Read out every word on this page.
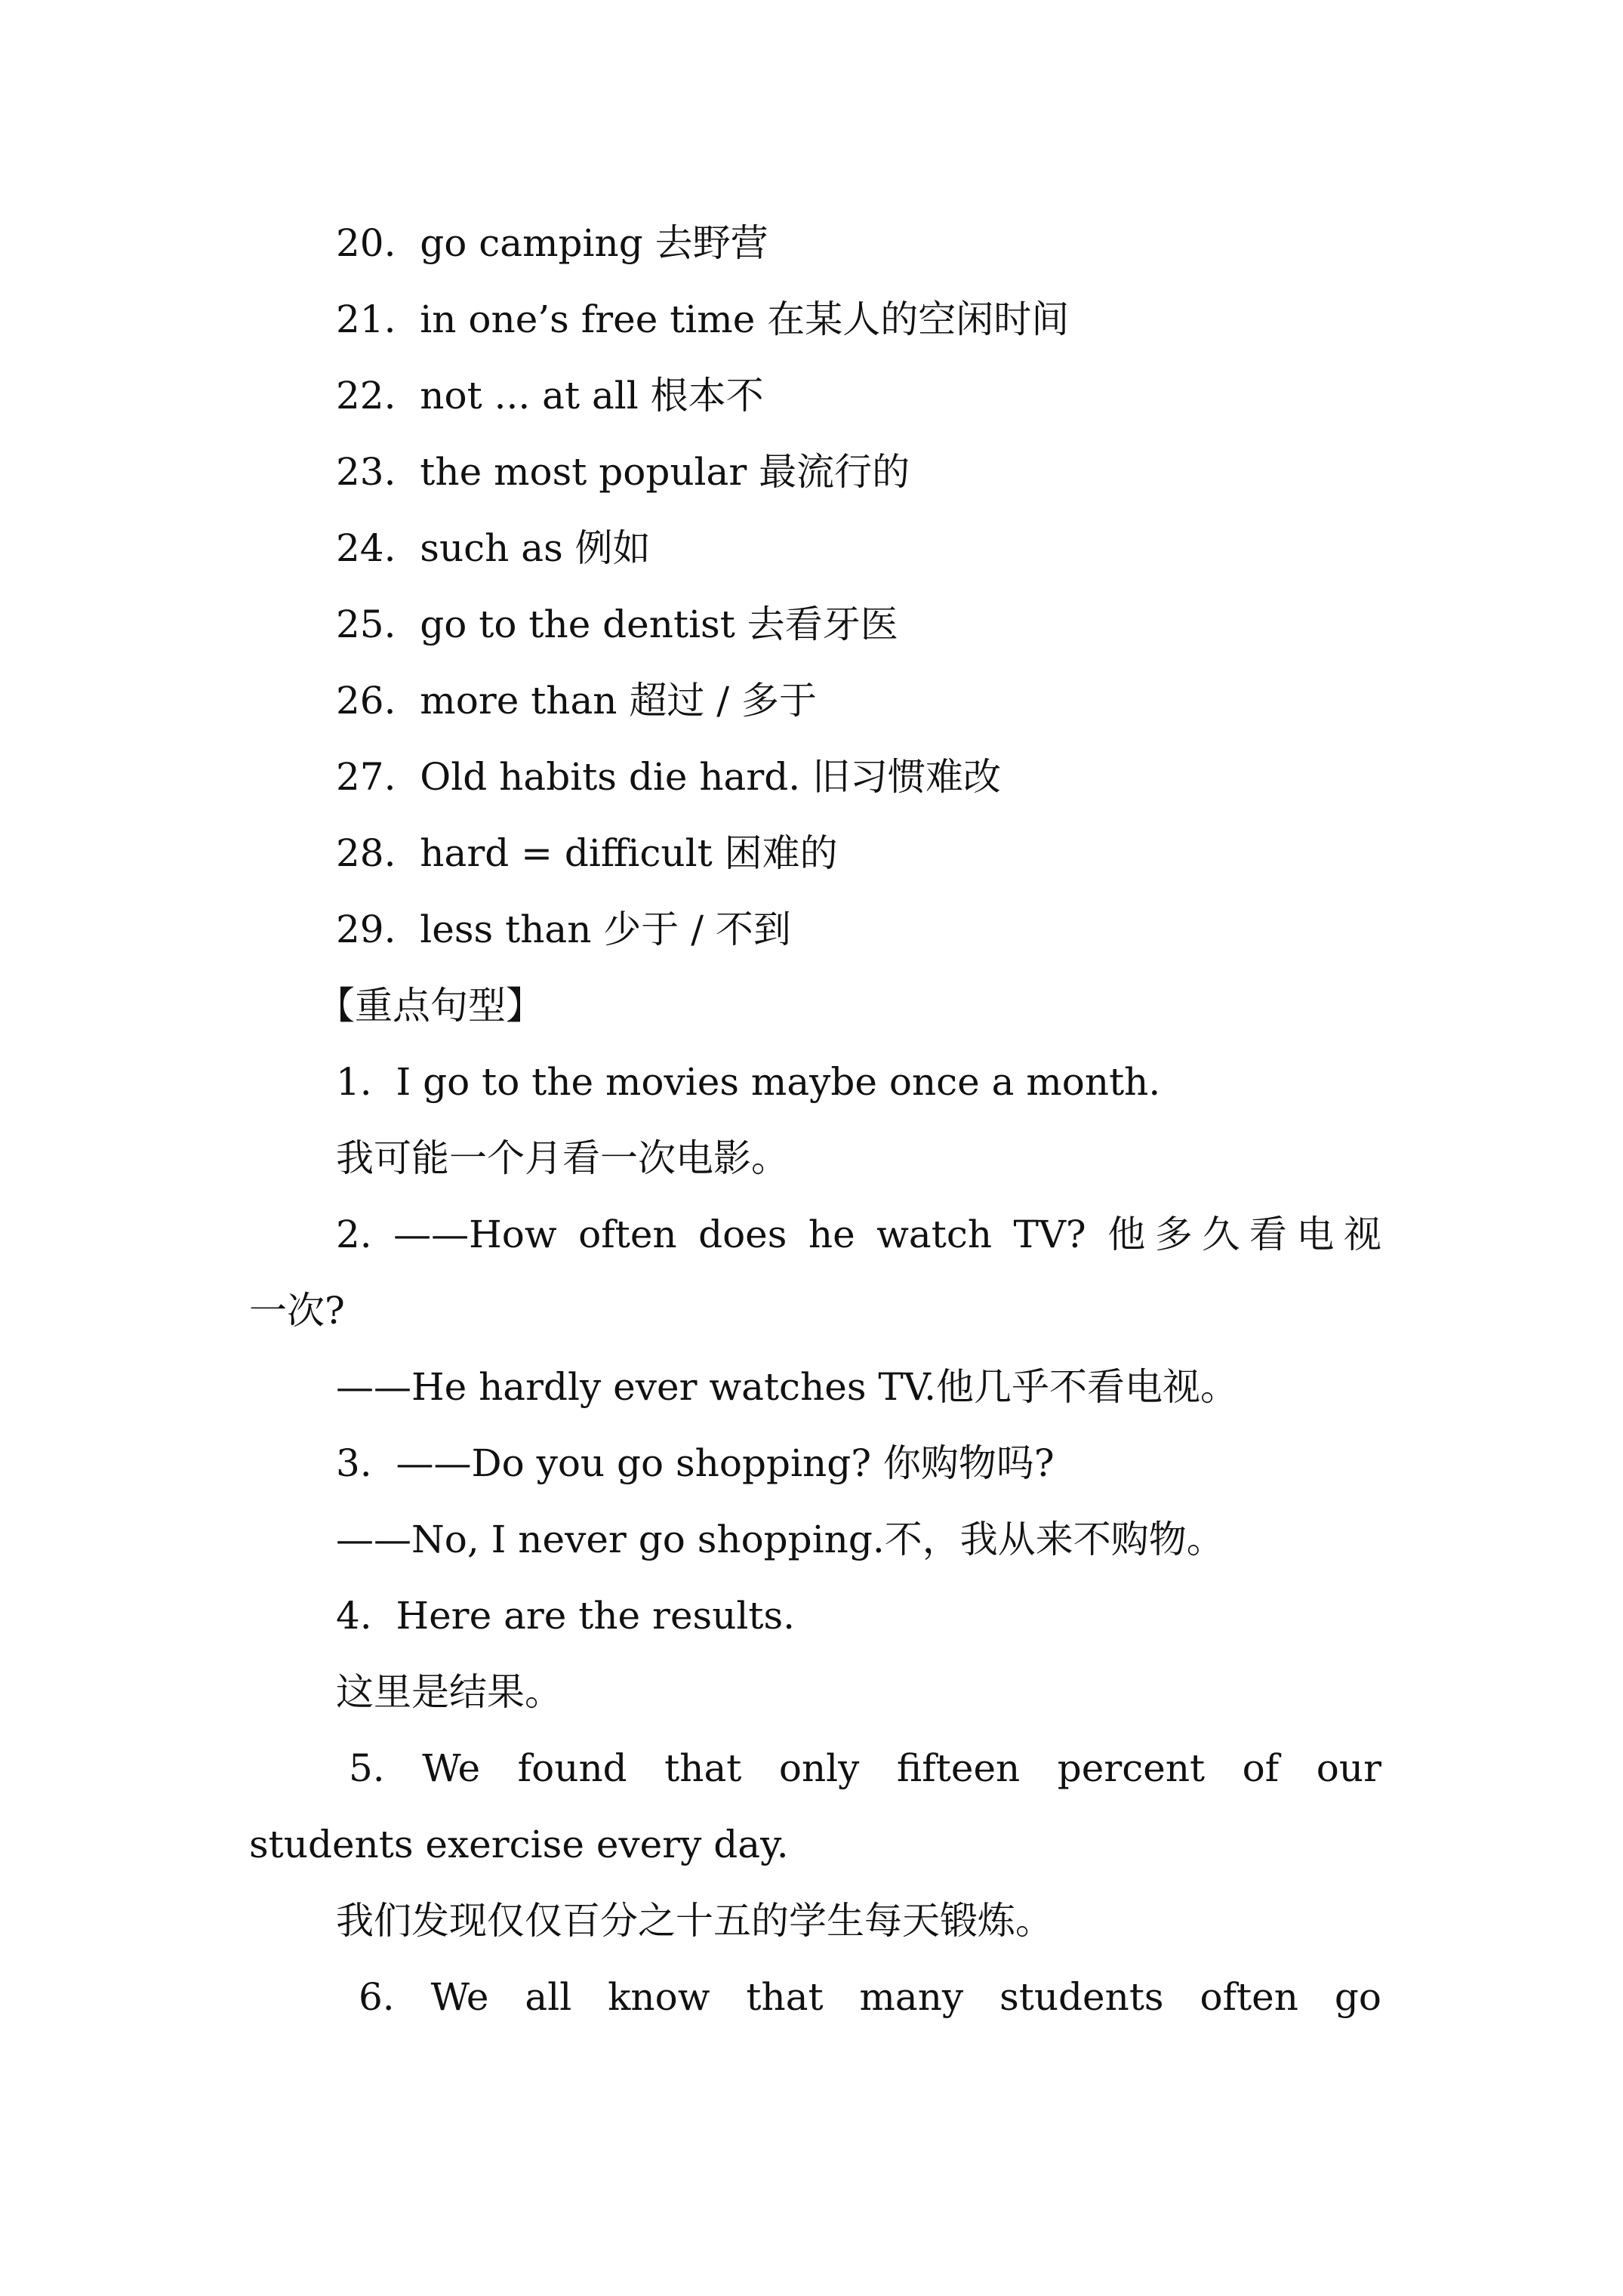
20.  go camping 去野营
21.  in one’s free time 在某人的空闲时间
22.  not ... at all 根本不
23.  the most popular 最流行的
24.  such as 例如
25.  go to the dentist 去看牙医
26.  more than 超过 / 多于
27.  Old habits die hard. 旧习惯难改
28.  hard = difficult 困难的
29.  less than 少于 / 不到
【重点句型】
1.  I go to the movies maybe once a month.
我可能一个月看一次电影。
2. ——How often does he watch TV? 他多久看电视
一次?
——He hardly ever watches TV.他几乎不看电视。
3.  ——Do you go shopping? 你购物吗?
——No, I never go shopping.不，我从来不购物。
4.  Here are the results.
这里是结果。
5. We found that only fifteen percent of our
students exercise every day.
我们发现仅仅百分之十五的学生每天锻炼。
6. We all know that many students often go
